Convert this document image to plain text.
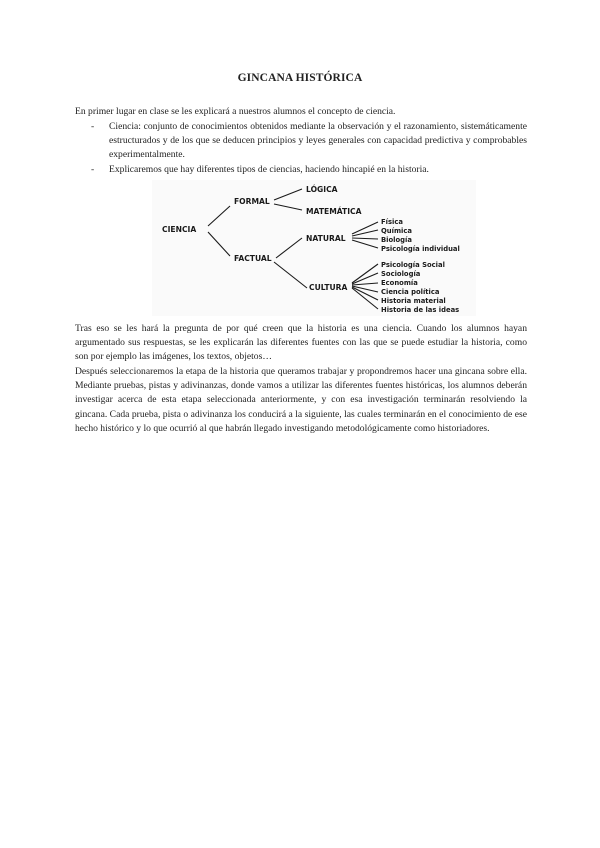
GINCANA HISTÓRICA
En primer lugar en clase se les explicará a nuestros alumnos el concepto de ciencia.
- Ciencia: conjunto de conocimientos obtenidos mediante la observación y el razonamiento, sistemáticamente estructurados y de los que se deducen principios y leyes generales con capacidad predictiva y comprobables experimentalmente.
- Explicaremos que hay diferentes tipos de ciencias, haciendo hincapié en la historia.
CIENCIA
FORMAL
LÓGICA
MATEMÁTICA
FACTUAL
NATURAL
Física
Química
Biología
Psicología individual
CULTURA
Psicología Social
Sociología
Economía
Ciencia política
Historia material
Historia de las ideas
Tras eso se les hará la pregunta de por qué creen que la historia es una ciencia. Cuando los alumnos hayan argumentado sus respuestas, se les explicarán las diferentes fuentes con las que se puede estudiar la historia, como son por ejemplo las imágenes, los textos, objetos…
Después seleccionaremos la etapa de la historia que queramos trabajar y propondremos hacer una gincana sobre ella. Mediante pruebas, pistas y adivinanzas, donde vamos a utilizar las diferentes fuentes históricas, los alumnos deberán investigar acerca de esta etapa seleccionada anteriormente, y con esa investigación terminarán resolviendo la gincana. Cada prueba, pista o adivinanza los conducirá a la siguiente, las cuales terminarán en el conocimiento de ese hecho histórico y lo que ocurrió al que habrán llegado investigando metodológicamente como historiadores.
